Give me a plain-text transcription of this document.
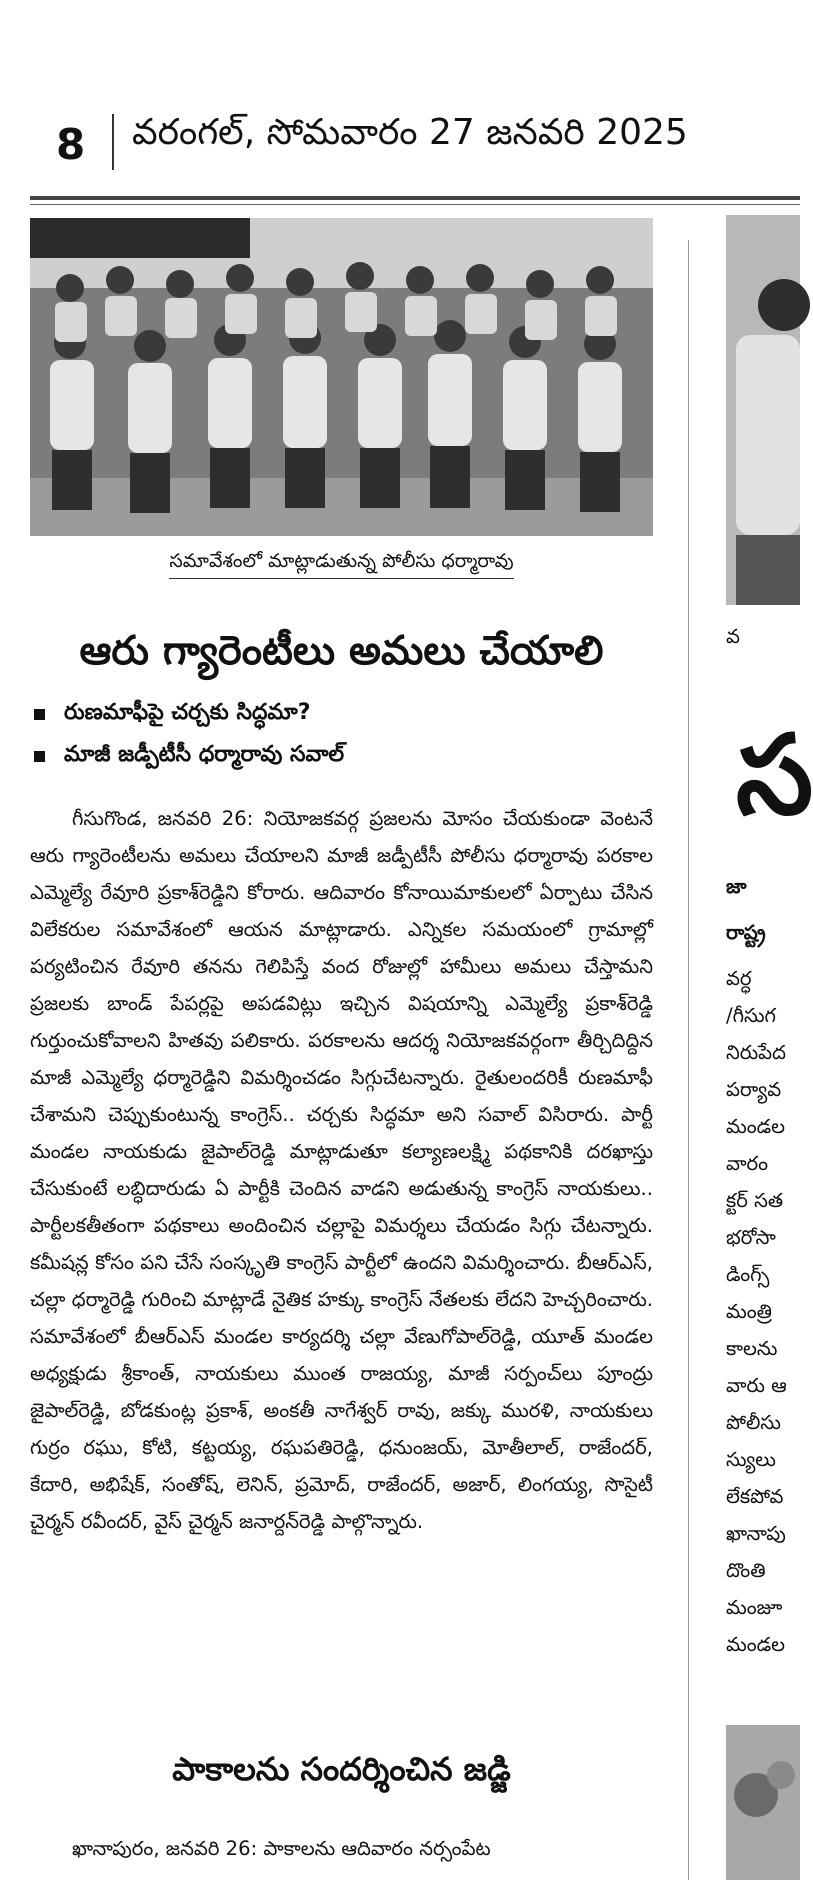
8 వరంగల్, సోమవారం 27 జనవరి 2025
సమావేశంలో మాట్లాడుతున్న పోలీసు ధర్మారావు
ఆరు గ్యారెంటీలు అమలు చేయాలి
రుణమాఫీపై చర్చకు సిద్ధమా?
మాజీ జడ్పీటీసీ ధర్మారావు సవాల్
గీసుగొండ, జనవరి 26: నియోజకవర్గ ప్రజలను మోసం చేయకుండా వెంటనే ఆరు గ్యారెంటీలను అమలు చేయాలని మాజీ జడ్పీటీసీ పోలీసు ధర్మారావు పరకాల ఎమ్మెల్యే రేవూరి ప్రకాశ్‌రెడ్డిని కోరారు. ఆదివారం కోనాయిమాకులలో ఏర్పాటు చేసిన విలేకరుల సమావేశంలో ఆయన మాట్లాడారు. ఎన్నికల సమయంలో గ్రామాల్లో పర్యటించిన రేవూరి తనను గెలిపిస్తే వంద రోజుల్లో హామీలు అమలు చేస్తామని ప్రజలకు బాండ్ పేపర్లపై అపడవిట్లు ఇచ్చిన విషయాన్ని ఎమ్మెల్యే ప్రకాశ్‌రెడ్డి గుర్తుంచుకోవాలని హితవు పలికారు. పరకాలను ఆదర్శ నియోజకవర్గంగా తీర్చిదిద్దిన మాజీ ఎమ్మెల్యే ధర్మారెడ్డిని విమర్శించడం సిగ్గుచేటన్నారు. రైతులందరికీ రుణమాఫీ చేశామని చెప్పుకుంటున్న కాంగ్రెస్.. చర్చకు సిద్ధమా అని సవాల్ విసిరారు. పార్టీ మండల నాయకుడు జైపాల్‌రెడ్డి మాట్లాడుతూ కల్యాణలక్ష్మి పథకానికి దరఖాస్తు చేసుకుంటే లబ్ధిదారుడు ఏ పార్టీకి చెందిన వాడని అడుతున్న కాంగ్రెస్ నాయకులు.. పార్టీలకతీతంగా పథకాలు అందించిన చల్లాపై విమర్శలు చేయడం సిగ్గు చేటన్నారు. కమీషన్ల కోసం పని చేసే సంస్కృతి కాంగ్రెస్ పార్టీలో ఉందని విమర్శించారు. బీఆర్ఎస్, చల్లా ధర్మారెడ్డి గురించి మాట్లాడే నైతిక హక్కు కాంగ్రెస్ నేతలకు లేదని హెచ్చరించారు. సమావేశంలో బీఆర్ఎస్ మండల కార్యదర్శి చల్లా వేణుగోపాల్‌రెడ్డి, యూత్ మండల అధ్యక్షుడు శ్రీకాంత్, నాయకులు ముంత రాజయ్య, మాజీ సర్పంచ్‌లు పూంద్రు జైపాల్‌రెడ్డి, బోడకుంట్ల ప్రకాశ్, అంకతీ నాగేశ్వర్ రావు, జక్కు మురళి, నాయకులు గుర్రం రఘు, కోటి, కట్టయ్య, రఘపతిరెడ్డి, ధనుంజయ్, మోతీలాల్, రాజేందర్, కేదారి, అభిషేక్, సంతోష్, లెనిన్, ప్రమోద్, రాజేందర్, అజార్, లింగయ్య, సొసైటీ చైర్మన్ రవీందర్, వైస్ చైర్మన్ జనార్దన్‌రెడ్డి పాల్గొన్నారు.
పాకాలను సందర్శించిన జడ్జి
ఖానాపురం, జనవరి 26: పాకాలను ఆదివారం నర్సంపేట
వ
స
జా
రాష్ట్ర
వర్ధ
/గీసుగ
నిరుపేద
పర్యావ
మండల
వారం
క్టర్ సత
భరోసా
డింగ్స్
మంత్రి
కాలను
వారు ఆ
పోలీసు
స్యులు
లేకపోవ
ఖానాపు
దొంతి
మంజూ
మండల
